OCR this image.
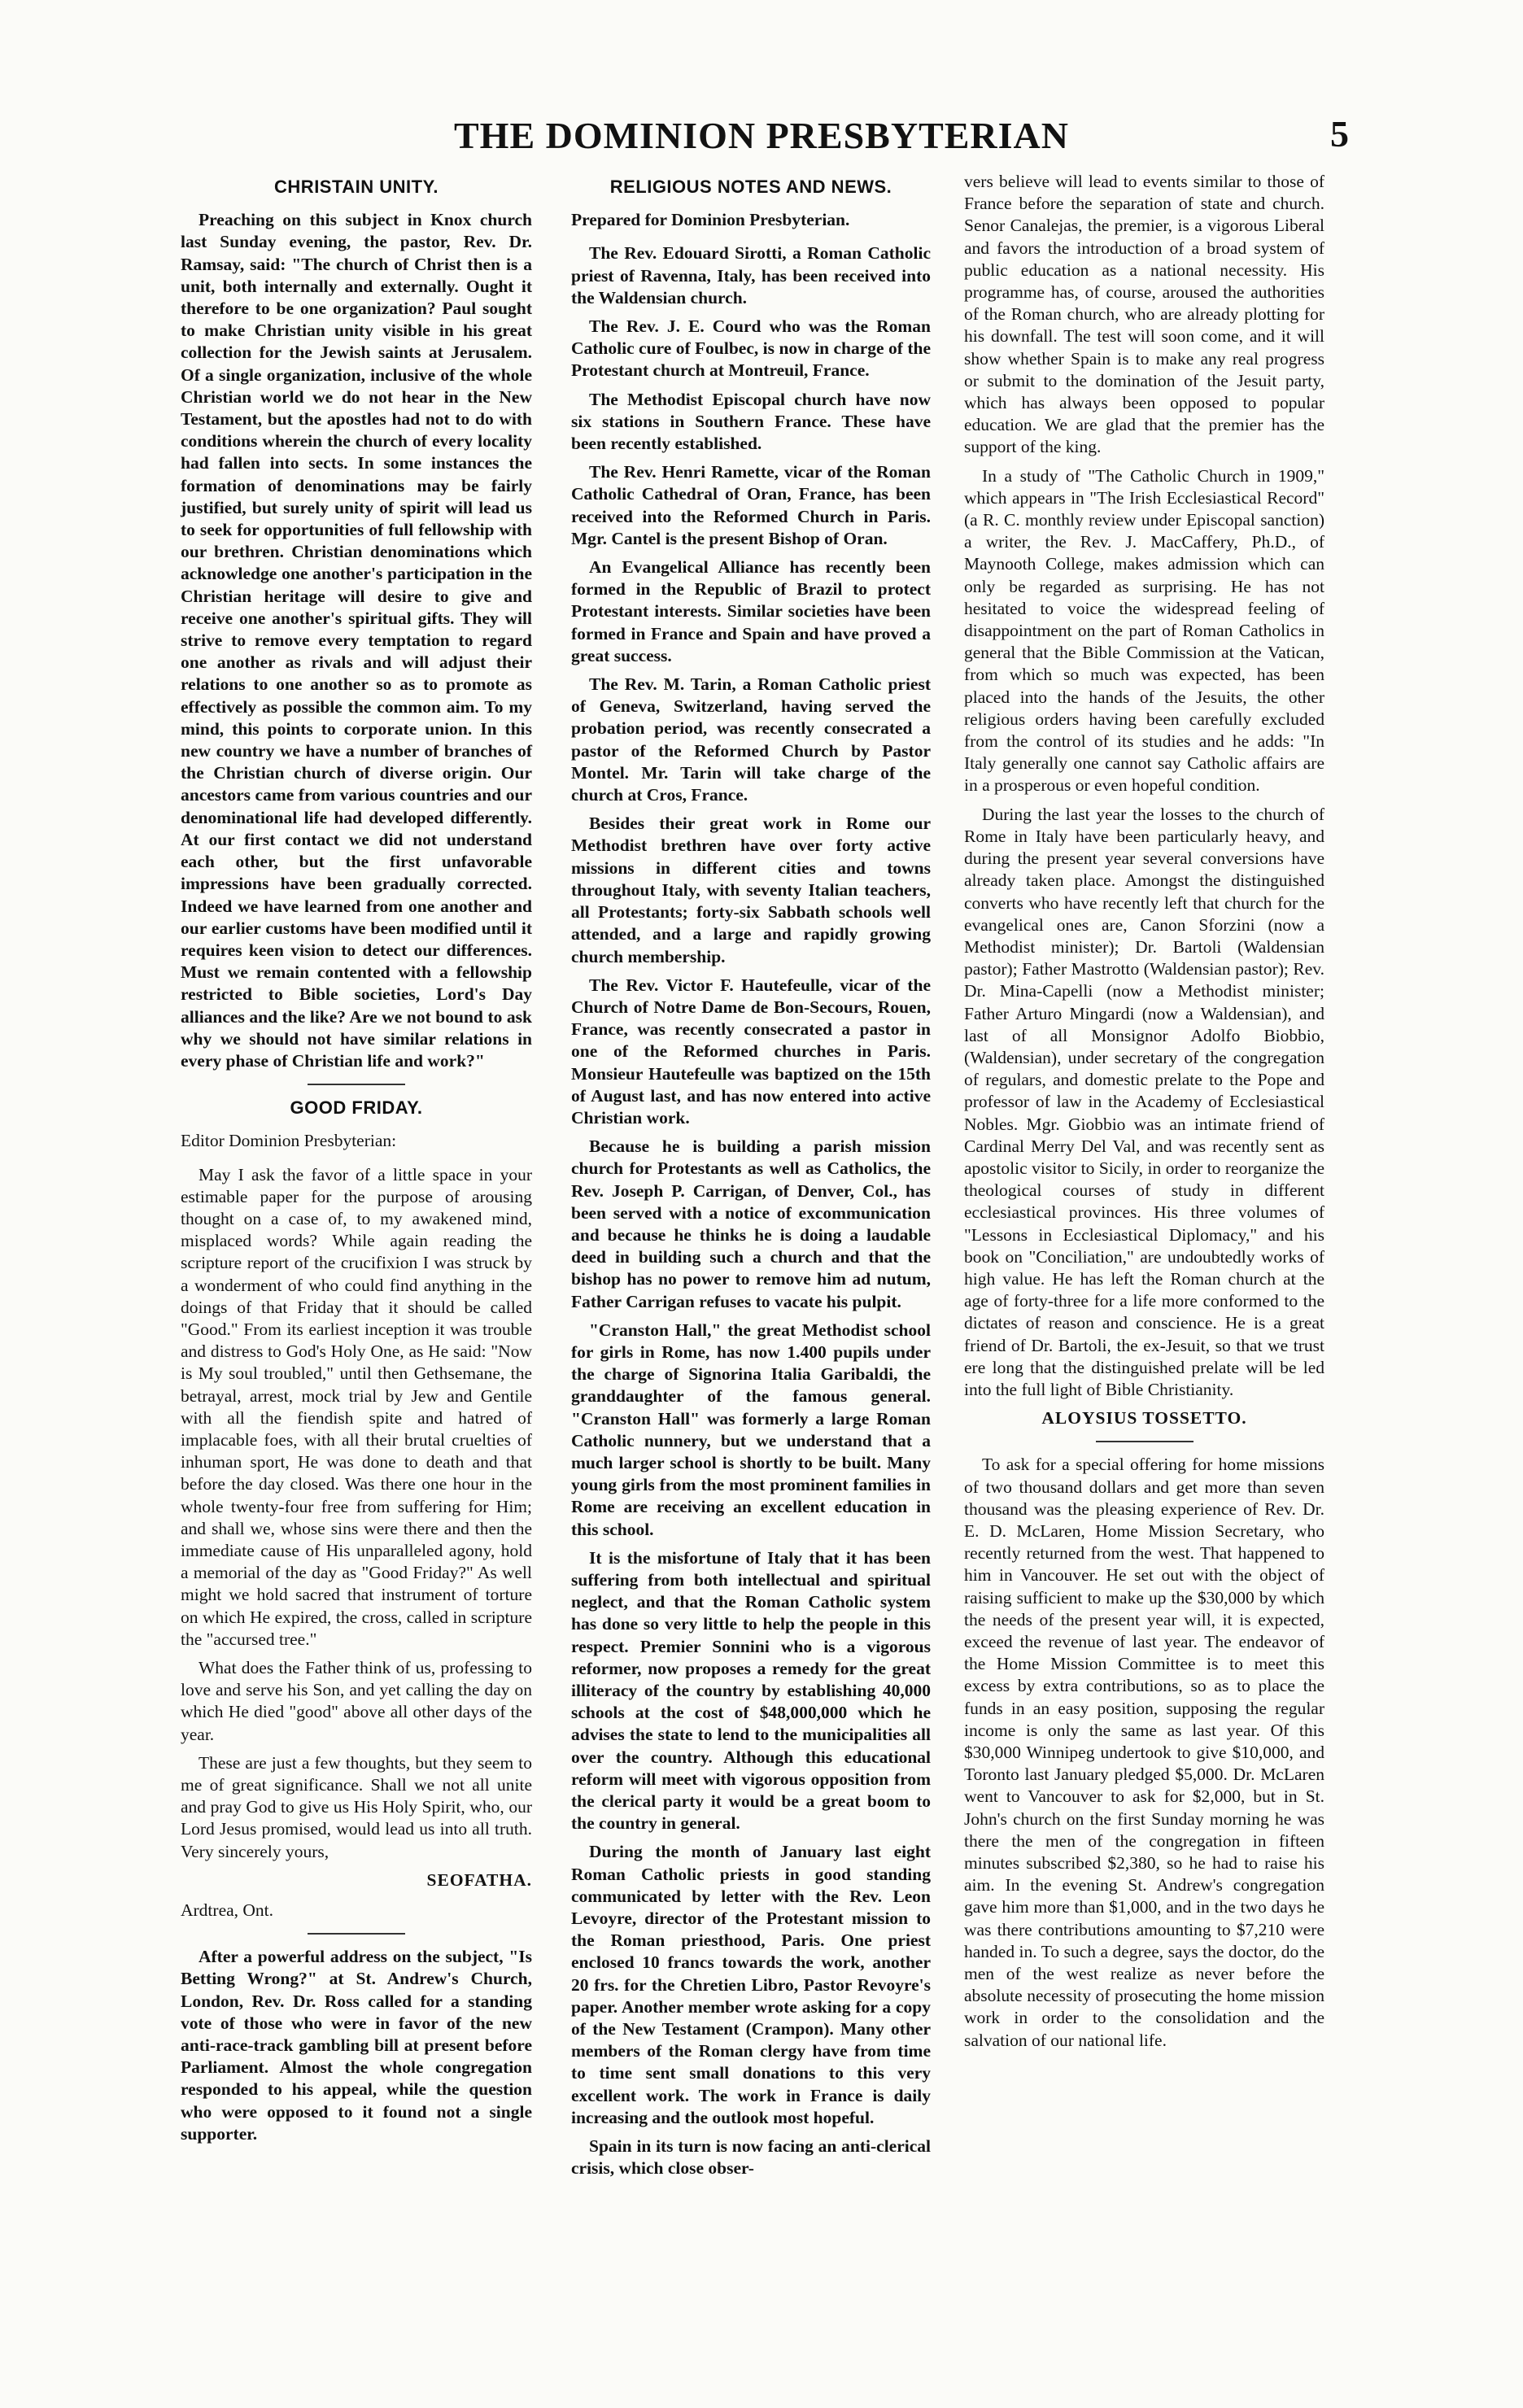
THE DOMINION PRESBYTERIAN	5
CHRISTAIN UNITY.

Preaching on this subject in Knox church last Sunday evening, the pastor, Rev. Dr. Ramsay, said: "The church of Christ then is a unit, both internally and externally. Ought it therefore to be one organization? Paul sought to make Christian unity visible in his great collection for the Jewish saints at Jerusalem. Of a single organization, inclusive of the whole Christian world we do not hear in the New Testament, but the apostles had not to do with conditions wherein the church of every locality had fallen into sects. In some instances the formation of denominations may be fairly justified, but surely unity of spirit will lead us to seek for opportunities of full fellowship with our brethren. Christian denominations which acknowledge one another's participation in the Christian heritage will desire to give and receive one another's spiritual gifts. They will strive to remove every temptation to regard one another as rivals and will adjust their relations to one another so as to promote as effectively as possible the common aim. To my mind, this points to corporate union. In this new country we have a number of branches of the Christian church of diverse origin. Our ancestors came from various countries and our denominational life had developed differently. At our first contact we did not understand each other, but the first unfavorable impressions have been gradually corrected. Indeed we have learned from one another and our earlier customs have been modified until it requires keen vision to detect our differences. Must we remain contented with a fellowship restricted to Bible societies, Lord's Day alliances and the like? Are we not bound to ask why we should not have similar relations in every phase of Christian life and work?"

GOOD FRIDAY.

Editor Dominion Presbyterian:

May I ask the favor of a little space in your estimable paper for the purpose of arousing thought on a case of, to my awakened mind, misplaced words? While again reading the scripture report of the crucifixion I was struck by a wonderment of who could find anything in the doings of that Friday that it should be called "Good." From its earliest inception it was trouble and distress to God's Holy One, as He said: "Now is My soul troubled," until then Gethsemane, the betrayal, arrest, mock trial by Jew and Gentile with all the fiendish spite and hatred of implacable foes, with all their brutal cruelties of inhuman sport, He was done to death and that before the day closed. Was there one hour in the whole twenty-four free from suffering for Him; and shall we, whose sins were there and then the immediate cause of His unparalleled agony, hold a memorial of the day as "Good Friday?" As well might we hold sacred that instrument of torture on which He expired, the cross, called in scripture the "accursed tree."

What does the Father think of us, professing to love and serve his Son, and yet calling the day on which He died "good" above all other days of the year.

These are just a few thoughts, but they seem to me of great significance. Shall we not all unite and pray God to give us His Holy Spirit, who, our Lord Jesus promised, would lead us into all truth. Very sincerely yours,

SEOFATHA.

Ardtrea, Ont.

After a powerful address on the subject, "Is Betting Wrong?" at St. Andrew's Church, London, Rev. Dr. Ross called for a standing vote of those who were in favor of the new anti-race-track gambling bill at present before Parliament. Almost the whole congregation responded to his appeal, while the question who were opposed to it found not a single supporter.

RELIGIOUS NOTES AND NEWS.

Prepared for Dominion Presbyterian.

The Rev. Edouard Sirotti, a Roman Catholic priest of Ravenna, Italy, has been received into the Waldensian church.

The Rev. J. E. Courd who was the Roman Catholic cure of Foulbec, is now in charge of the Protestant church at Montreuil, France.

The Methodist Episcopal church have now six stations in Southern France. These have been recently established.

The Rev. Henri Ramette, vicar of the Roman Catholic Cathedral of Oran, France, has been received into the Reformed Church in Paris. Mgr. Cantel is the present Bishop of Oran.

An Evangelical Alliance has recently been formed in the Republic of Brazil to protect Protestant interests. Similar societies have been formed in France and Spain and have proved a great success.

The Rev. M. Tarin, a Roman Catholic priest of Geneva, Switzerland, having served the probation period, was recently consecrated a pastor of the Reformed Church by Pastor Montel. Mr. Tarin will take charge of the church at Cros, France.

Besides their great work in Rome our Methodist brethren have over forty active missions in different cities and towns throughout Italy, with seventy Italian teachers, all Protestants; forty-six Sabbath schools well attended, and a large and rapidly growing church membership.

The Rev. Victor F. Hautefeulle, vicar of the Church of Notre Dame de Bon-Secours, Rouen, France, was recently consecrated a pastor in one of the Reformed churches in Paris. Monsieur Hautefeulle was baptized on the 15th of August last, and has now entered into active Christian work.

Because he is building a parish mission church for Protestants as well as Catholics, the Rev. Joseph P. Carrigan, of Denver, Col., has been served with a notice of excommunication and because he thinks he is doing a laudable deed in building such a church and that the bishop has no power to remove him ad nutum, Father Carrigan refuses to vacate his pulpit.

"Cranston Hall," the great Methodist school for girls in Rome, has now 1.400 pupils under the charge of Signorina Italia Garibaldi, the granddaughter of the famous general. "Cranston Hall" was formerly a large Roman Catholic nunnery, but we understand that a much larger school is shortly to be built. Many young girls from the most prominent families in Rome are receiving an excellent education in this school.

It is the misfortune of Italy that it has been suffering from both intellectual and spiritual neglect, and that the Roman Catholic system has done so very little to help the people in this respect. Premier Sonnini who is a vigorous reformer, now proposes a remedy for the great illiteracy of the country by establishing 40,000 schools at the cost of $48,000,000 which he advises the state to lend to the municipalities all over the country. Although this educational reform will meet with vigorous opposition from the clerical party it would be a great boom to the country in general.

During the month of January last eight Roman Catholic priests in good standing communicated by letter with the Rev. Leon Levoyre, director of the Protestant mission to the Roman priesthood, Paris. One priest enclosed 10 francs towards the work, another 20 frs. for the Chretien Libro, Pastor Revoyre's paper. Another member wrote asking for a copy of the New Testament (Crampon). Many other members of the Roman clergy have from time to time sent small donations to this very excellent work. The work in France is daily increasing and the outlook most hopeful.

Spain in its turn is now facing an anti-clerical crisis, which close obser-

vers believe will lead to events similar to those of France before the separation of state and church. Senor Canalejas, the premier, is a vigorous Liberal and favors the introduction of a broad system of public education as a national necessity. His programme has, of course, aroused the authorities of the Roman church, who are already plotting for his downfall. The test will soon come, and it will show whether Spain is to make any real progress or submit to the domination of the Jesuit party, which has always been opposed to popular education. We are glad that the premier has the support of the king.

In a study of "The Catholic Church in 1909," which appears in "The Irish Ecclesiastical Record" (a R. C. monthly review under Episcopal sanction) a writer, the Rev. J. MacCaffery, Ph.D., of Maynooth College, makes admission which can only be regarded as surprising. He has not hesitated to voice the widespread feeling of disappointment on the part of Roman Catholics in general that the Bible Commission at the Vatican, from which so much was expected, has been placed into the hands of the Jesuits, the other religious orders having been carefully excluded from the control of its studies and he adds: "In Italy generally one cannot say Catholic affairs are in a prosperous or even hopeful condition.

During the last year the losses to the church of Rome in Italy have been particularly heavy, and during the present year several conversions have already taken place. Amongst the distinguished converts who have recently left that church for the evangelical ones are, Canon Sforzini (now a Methodist minister); Dr. Bartoli (Waldensian pastor); Father Mastrotto (Waldensian pastor); Rev. Dr. Mina-Capelli (now a Methodist minister; Father Arturo Mingardi (now a Waldensian), and last of all Monsignor Adolfo Biobbio, (Waldensian), under secretary of the congregation of regulars, and domestic prelate to the Pope and professor of law in the Academy of Ecclesiastical Nobles. Mgr. Giobbio was an intimate friend of Cardinal Merry Del Val, and was recently sent as apostolic visitor to Sicily, in order to reorganize the theological courses of study in different ecclesiastical provinces. His three volumes of "Lessons in Ecclesiastical Diplomacy," and his book on "Conciliation," are undoubtedly works of high value. He has left the Roman church at the age of forty-three for a life more conformed to the dictates of reason and conscience. He is a great friend of Dr. Bartoli, the ex-Jesuit, so that we trust ere long that the distinguished prelate will be led into the full light of Bible Christianity.

ALOYSIUS TOSSETTO.

To ask for a special offering for home missions of two thousand dollars and get more than seven thousand was the pleasing experience of Rev. Dr. E. D. McLaren, Home Mission Secretary, who recently returned from the west. That happened to him in Vancouver. He set out with the object of raising sufficient to make up the $30,000 by which the needs of the present year will, it is expected, exceed the revenue of last year. The endeavor of the Home Mission Committee is to meet this excess by extra contributions, so as to place the funds in an easy position, supposing the regular income is only the same as last year. Of this $30,000 Winnipeg undertook to give $10,000, and Toronto last January pledged $5,000. Dr. McLaren went to Vancouver to ask for $2,000, but in St. John's church on the first Sunday morning he was there the men of the congregation in fifteen minutes subscribed $2,380, so he had to raise his aim. In the evening St. Andrew's congregation gave him more than $1,000, and in the two days he was there contributions amounting to $7,210 were handed in. To such a degree, says the doctor, do the men of the west realize as never before the absolute necessity of prosecuting the home mission work in order to the consolidation and the salvation of our national life.
